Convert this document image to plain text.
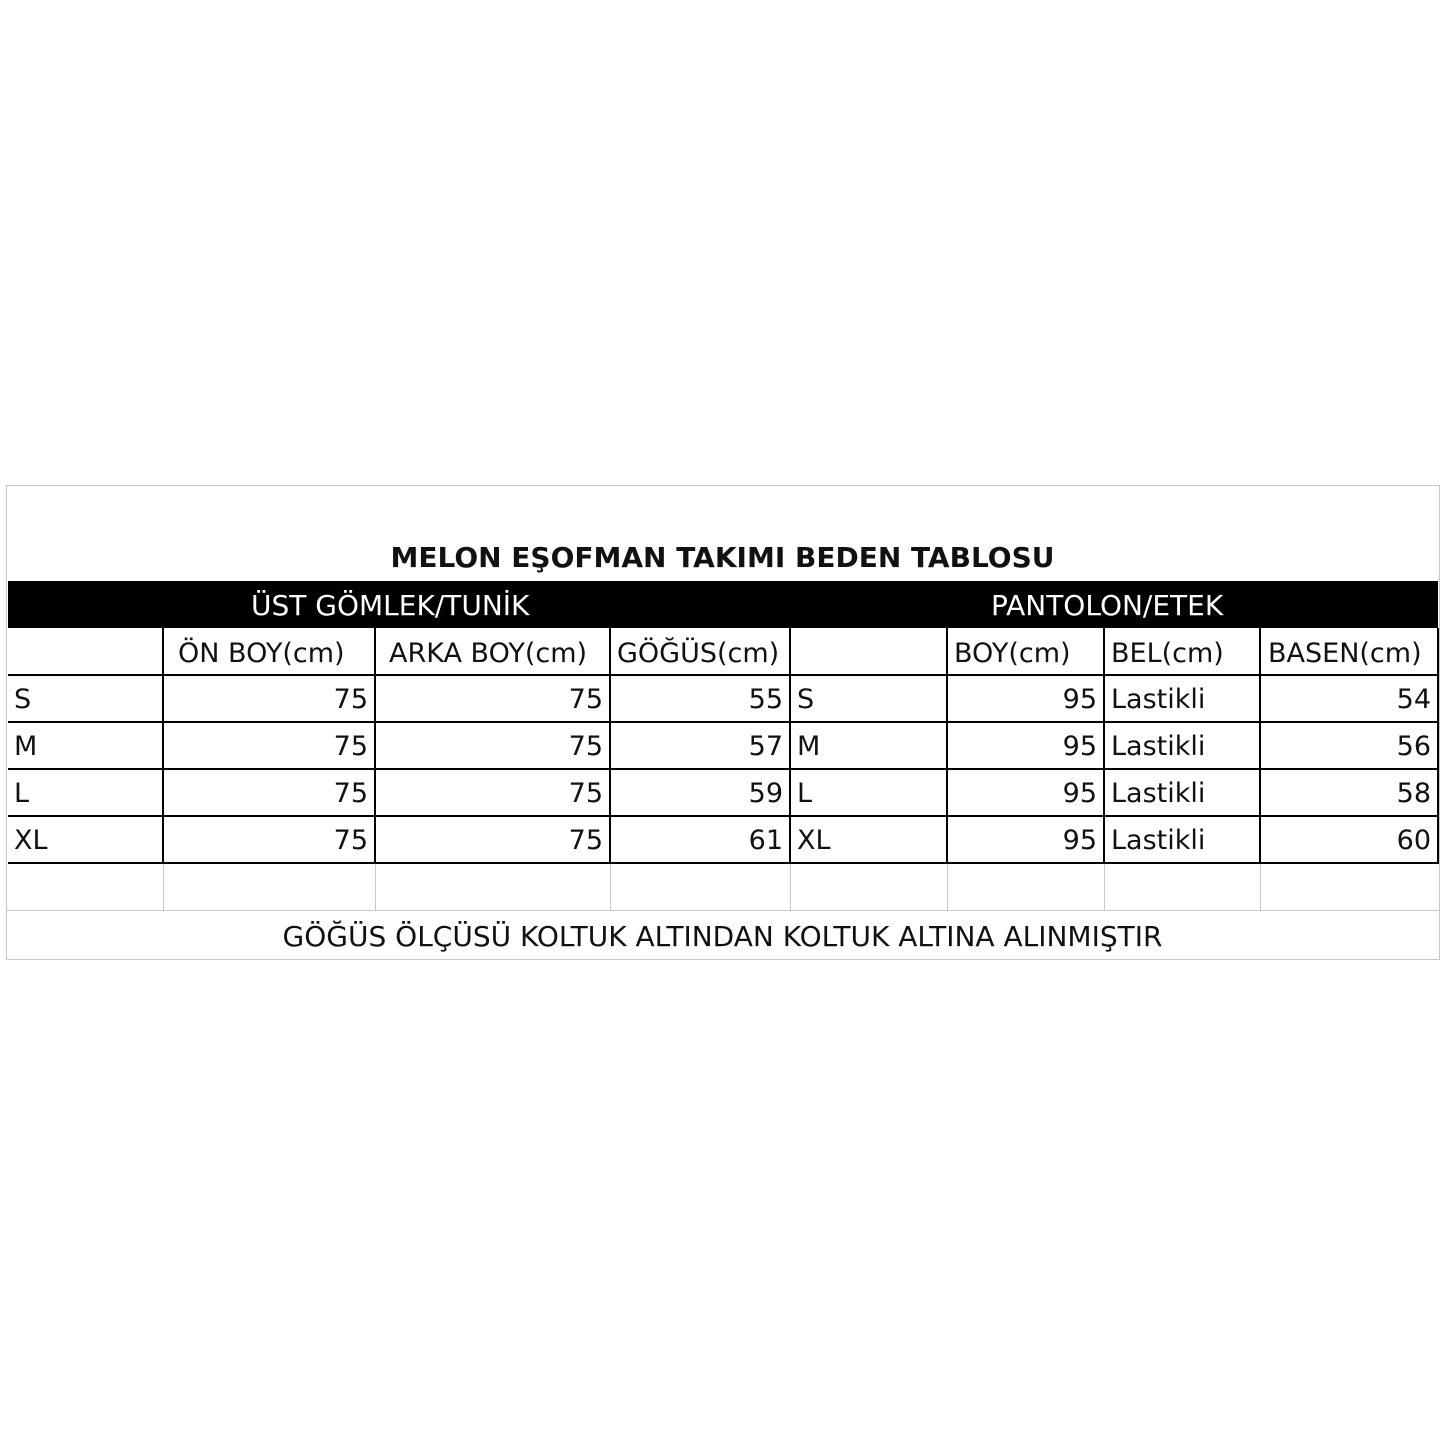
MELON EŞOFMAN TAKIMI BEDEN TABLOSU
ÜST GÖMLEK/TUNİK	PANTOLON/ETEK
ÖN BOY(cm) ARKA BOY(cm) GÖĞÜS(cm)	BOY(cm) BEL(cm) BASEN(cm)
S	75	75	55 S	95 Lastikli	54
M	75	75	57 M	95 Lastikli	56
L	75	75	59 L	95 Lastikli	58
XL	75	75	61 XL	95 Lastikli	60
GÖĞÜS ÖLÇÜSÜ KOLTUK ALTINDAN KOLTUK ALTINA ALINMIŞTIR
